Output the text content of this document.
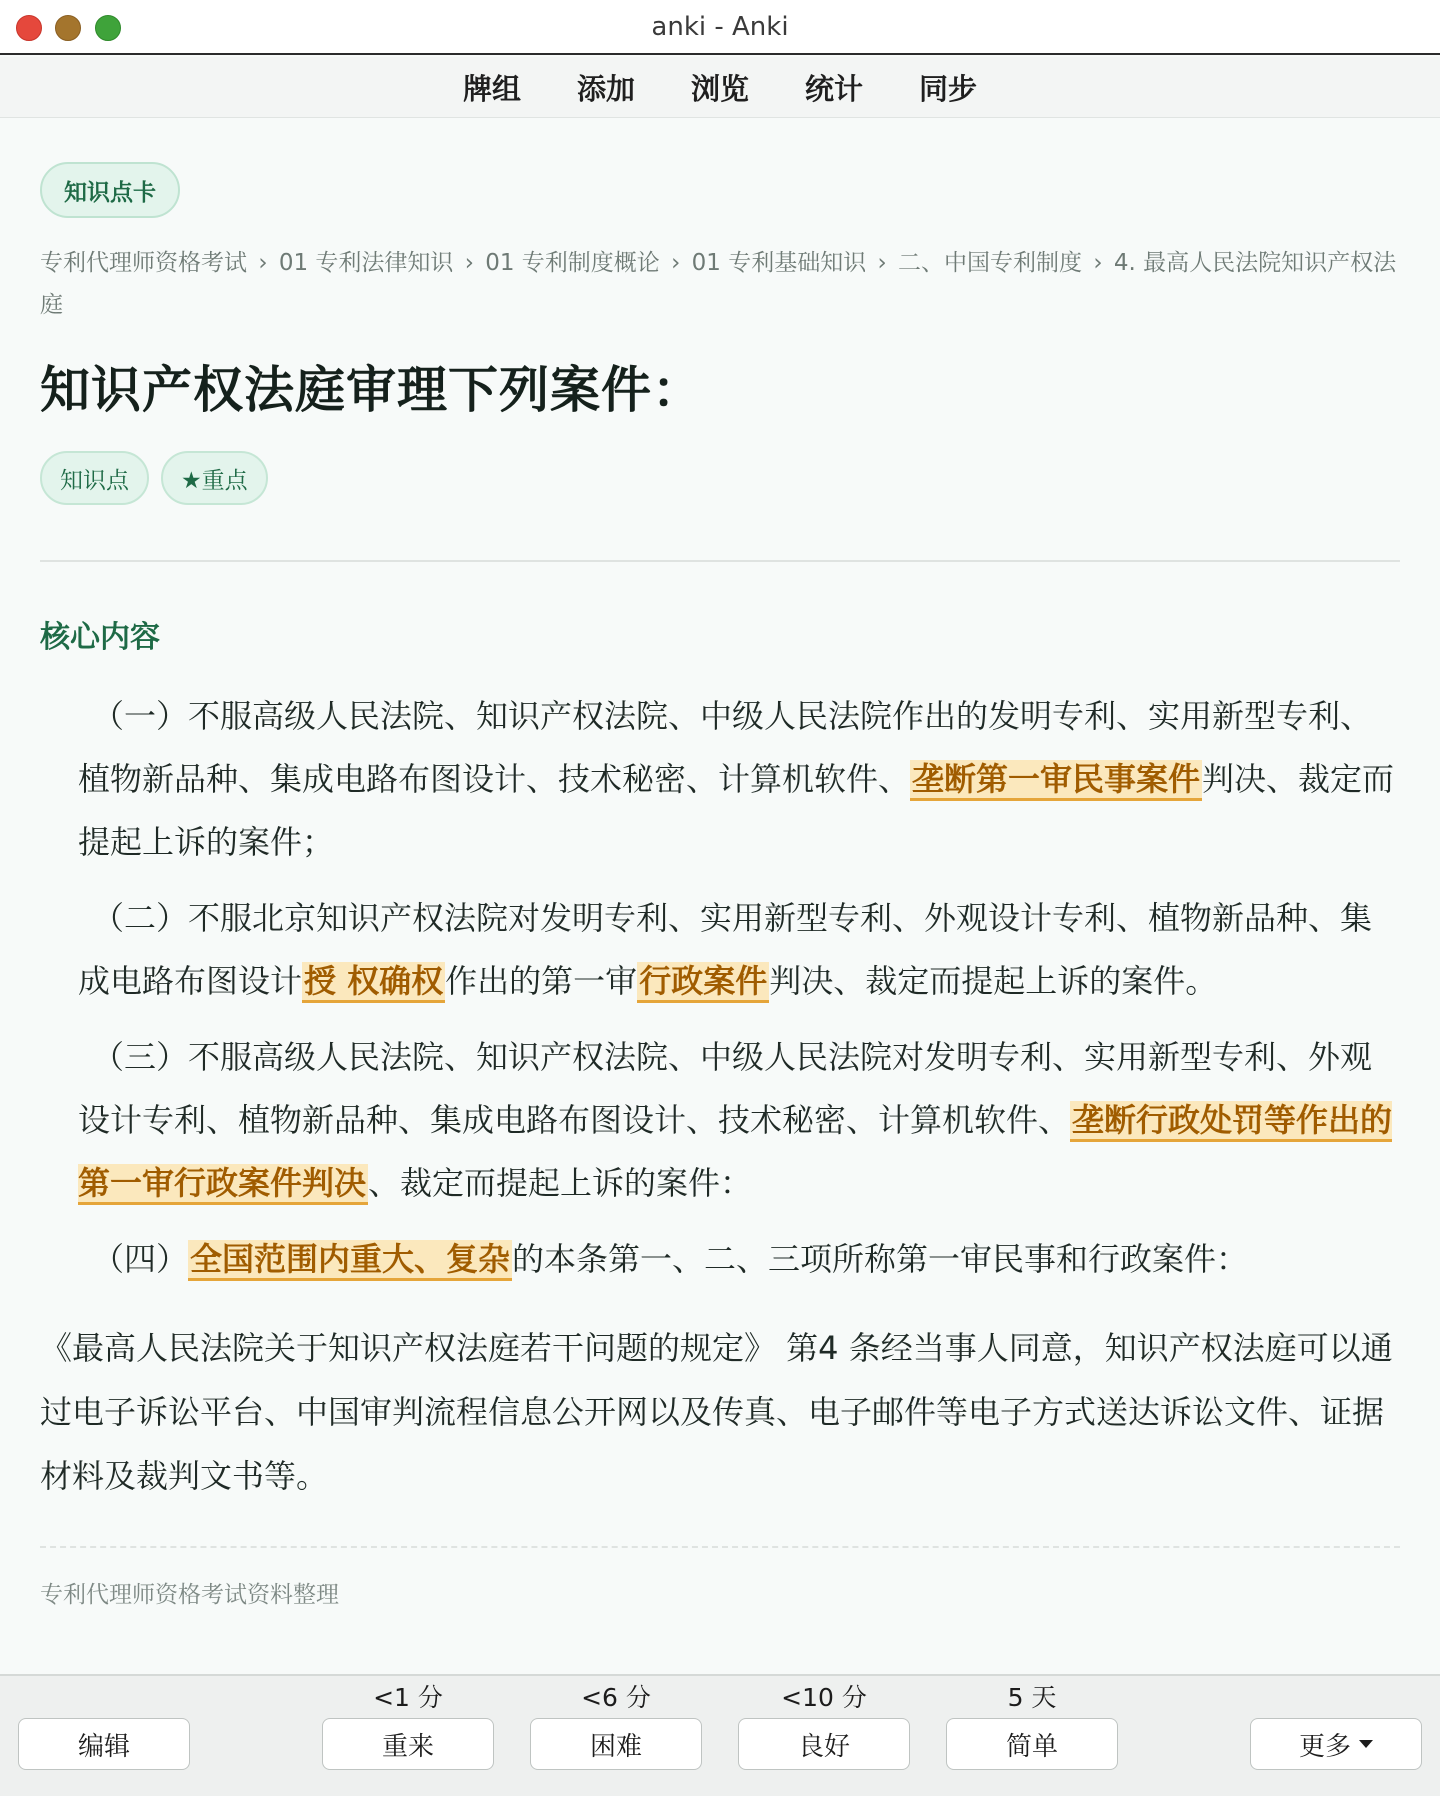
anki - Anki
牌组	添加	浏览	统计	同步
知识点卡
专利代理师资格考试 › 01 专利法律知识 › 01 专利制度概论 › 01 专利基础知识 › 二、中国专利制度 › 4. 最高人民法院知识产权法庭
知识产权法庭审理下列案件：
知识点	★重点
核心内容

（一）不服高级人民法院、知识产权法院、中级人民法院作出的发明专利、实用新型专利、植物新品种、集成电路布图设计、技术秘密、计算机软件、垄断第一审民事案件判决、裁定而提起上诉的案件；

（二）不服北京知识产权法院对发明专利、实用新型专利、外观设计专利、植物新品种、集成电路布图设计授 权确权作出的第一审行政案件判决、裁定而提起上诉的案件。

（三）不服高级人民法院、知识产权法院、中级人民法院对发明专利、实用新型专利、外观设计专利、植物新品种、集成电路布图设计、技术秘密、计算机软件、垄断行政处罚等作出的第一审行政案件判决、裁定而提起上诉的案件：

（四）全国范围内重大、复杂的本条第一、二、三项所称第一审民事和行政案件：

《最高人民法院关于知识产权法庭若干问题的规定》 第4 条经当事人同意，知识产权法庭可以通过电子诉讼平台、中国审判流程信息公开网以及传真、电子邮件等电子方式送达诉讼文件、证据材料及裁判文书等。
专利代理师资格考试资料整理
<1 分	<6 分	<10 分	5 天
编辑	重来	困难	良好	简单	更多
